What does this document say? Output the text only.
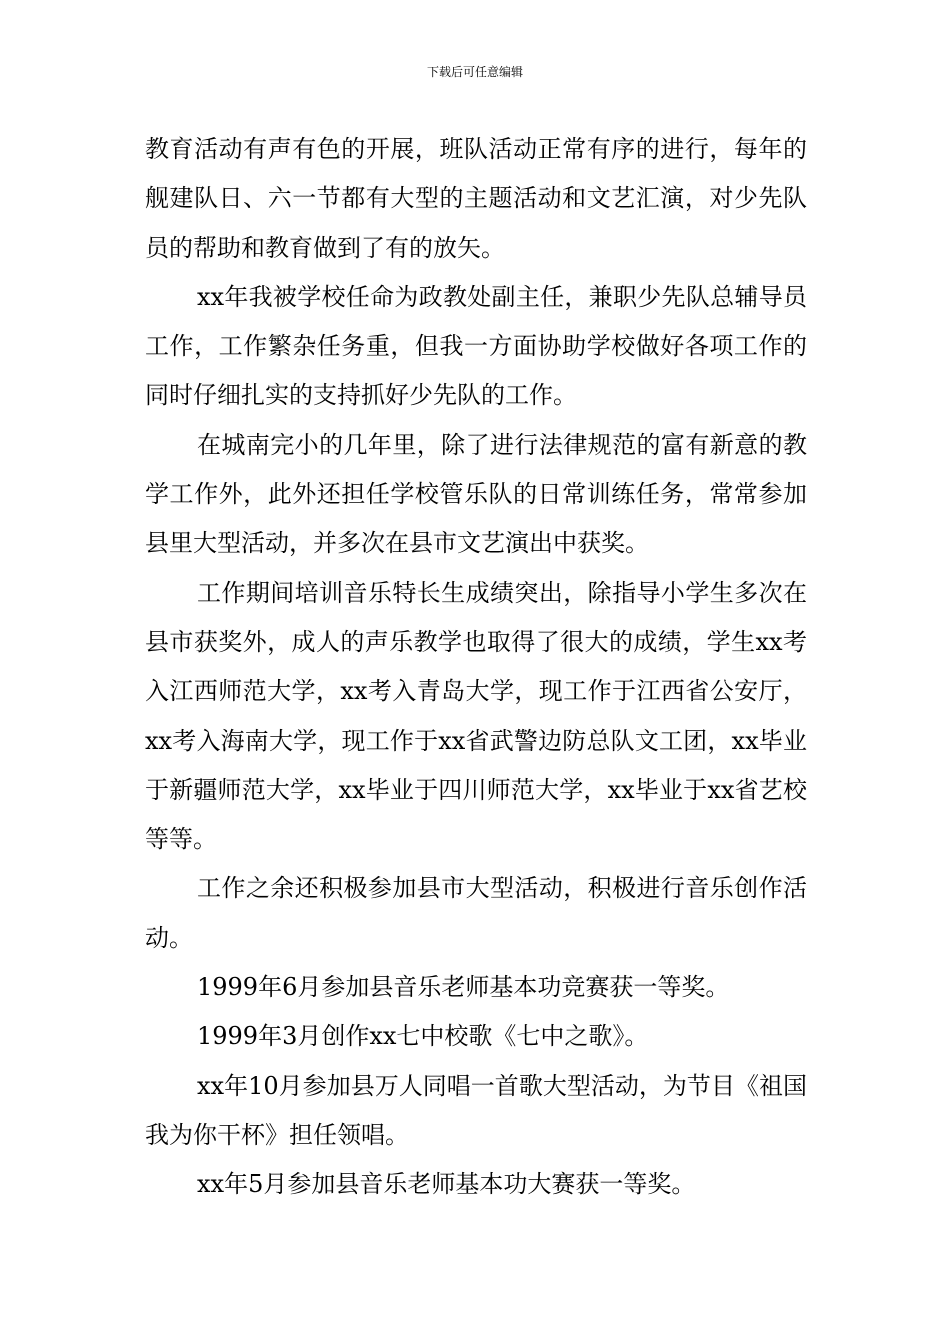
下载后可任意编辑

教育活动有声有色的开展，班队活动正常有序的进行，每年的舰建队日、六一节都有大型的主题活动和文艺汇演，对少先队员的帮助和教育做到了有的放矢。

xx年我被学校任命为政教处副主任，兼职少先队总辅导员工作，工作繁杂任务重，但我一方面协助学校做好各项工作的同时仔细扎实的支持抓好少先队的工作。

在城南完小的几年里，除了进行法律规范的富有新意的教学工作外，此外还担任学校管乐队的日常训练任务，常常参加县里大型活动，并多次在县市文艺演出中获奖。

工作期间培训音乐特长生成绩突出，除指导小学生多次在县市获奖外，成人的声乐教学也取得了很大的成绩，学生xx考入江西师范大学，xx考入青岛大学，现工作于江西省公安厅，xx考入海南大学，现工作于xx省武警边防总队文工团，xx毕业于新疆师范大学，xx毕业于四川师范大学，xx毕业于xx省艺校等等。

工作之余还积极参加县市大型活动，积极进行音乐创作活动。

1999年6月参加县音乐老师基本功竞赛获一等奖。

1999年3月创作xx七中校歌《七中之歌》。

xx年10月参加县万人同唱一首歌大型活动，为节目《祖国我为你干杯》担任领唱。

xx年5月参加县音乐老师基本功大赛获一等奖。
